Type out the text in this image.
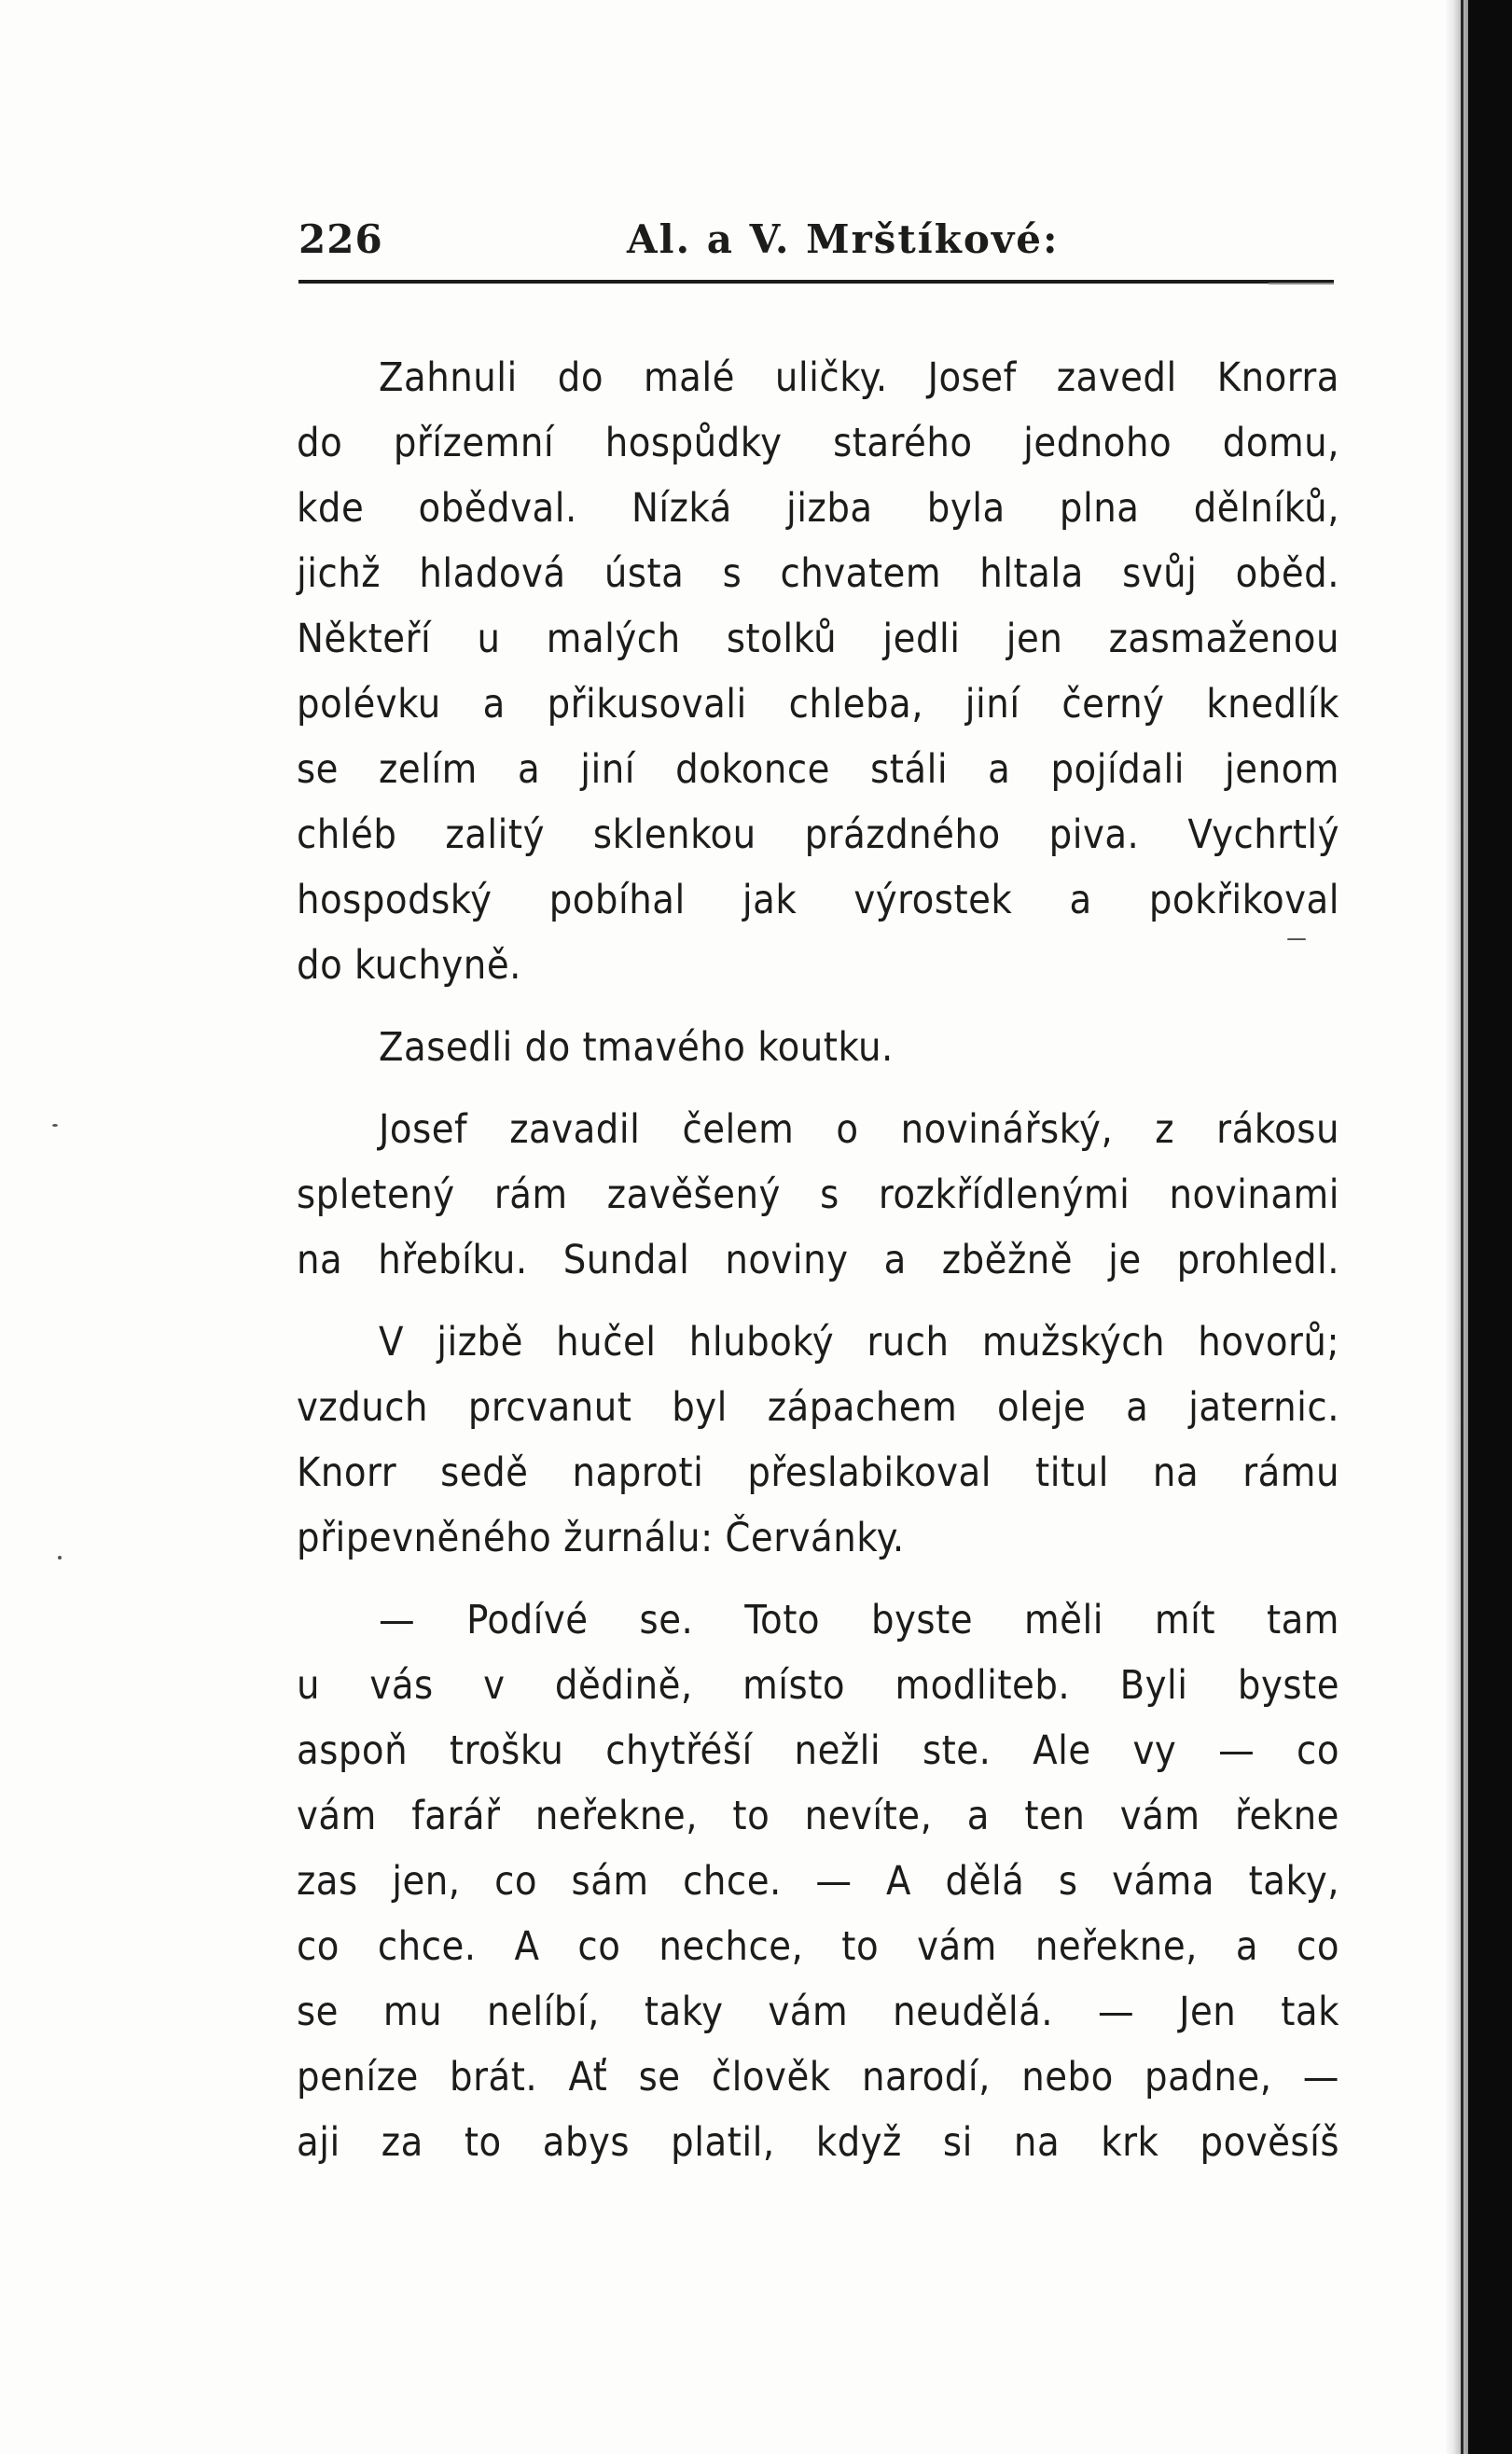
226	Al. a V. Mrštíkové:
Zahnuli do malé uličky. Josef zavedl Knorra
do přízemní hospůdky starého jednoho domu,
kde obědval. Nízká jizba byla plna dělníků,
jichž hladová ústa s chvatem hltala svůj oběd.
Někteří u malých stolků jedli jen zasmaženou
polévku a přikusovali chleba, jiní černý knedlík
se zelím a jiní dokonce stáli a pojídali jenom
chléb zalitý sklenkou prázdného piva. Vychrtlý
hospodský pobíhal jak výrostek a pokřikoval
do kuchyně.
Zasedli do tmavého koutku.
Josef zavadil čelem o novinářský, z rákosu
spletený rám zavěšený s rozkřídlenými novinami
na hřebíku. Sundal noviny a zběžně je prohledl.
V jizbě hučel hluboký ruch mužských hovorů;
vzduch prcvanut byl zápachem oleje a jaternic.
Knorr sedě naproti přeslabikoval titul na rámu
připevněného žurnálu: Červánky.
— Podívé se. Toto byste měli mít tam
u vás v dědině, místo modliteb. Byli byste
aspoň trošku chytřéší nežli ste. Ale vy — co
vám farář neřekne, to nevíte, a ten vám řekne
zas jen, co sám chce. — A dělá s váma taky,
co chce. A co nechce, to vám neřekne, a co
se mu nelíbí, taky vám neudělá. — Jen tak
peníze brát. Ať se člověk narodí, nebo padne, —
aji za to abys platil, když si na krk pověsíš
